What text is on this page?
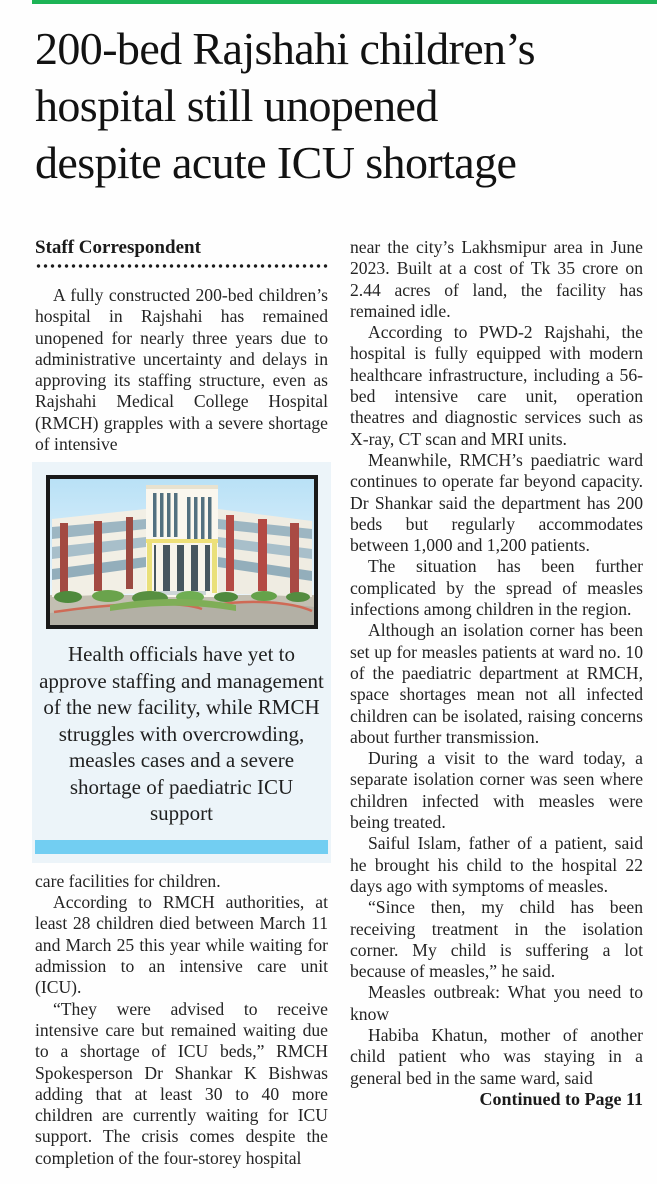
200-bed Rajshahi children’s
hospital still unopened
despite acute ICU shortage
Staff Correspondent

A fully constructed 200-bed children’s hospital in Rajshahi has remained unopened for nearly three years due to administrative uncertainty and delays in approving its staffing structure, even as Rajshahi Medical College Hospital (RMCH) grapples with a severe shortage of intensive

Health officials have yet to approve staffing and management of the new facility, while RMCH struggles with overcrowding, measles cases and a severe shortage of paediatric ICU support

care facilities for children.

According to RMCH authorities, at least 28 children died between March 11 and March 25 this year while waiting for admission to an intensive care unit (ICU).

“They were advised to receive intensive care but remained waiting due to a shortage of ICU beds,” RMCH Spokesperson Dr Shankar K Bishwas adding that at least 30 to 40 more children are currently waiting for ICU support. The crisis comes despite the completion of the four-storey hospital

near the city’s Lakhsmipur area in June 2023. Built at a cost of Tk 35 crore on 2.44 acres of land, the facility has remained idle.

According to PWD-2 Rajshahi, the hospital is fully equipped with modern healthcare infrastructure, including a 56-bed intensive care unit, operation theatres and diagnostic services such as X-ray, CT scan and MRI units.

Meanwhile, RMCH’s paediatric ward continues to operate far beyond capacity. Dr Shankar said the department has 200 beds but regularly accommodates between 1,000 and 1,200 patients.

The situation has been further complicated by the spread of measles infections among children in the region.

Although an isolation corner has been set up for measles patients at ward no. 10 of the paediatric department at RMCH, space shortages mean not all infected children can be isolated, raising concerns about further transmission.

During a visit to the ward today, a separate isolation corner was seen where children infected with measles were being treated.

Saiful Islam, father of a patient, said he brought his child to the hospital 22 days ago with symptoms of measles.

“Since then, my child has been receiving treatment in the isolation corner. My child is suffering a lot because of measles,” he said.

Measles outbreak: What you need to know

Habiba Khatun, mother of another child patient who was staying in a general bed in the same ward, said

Continued to Page 11
